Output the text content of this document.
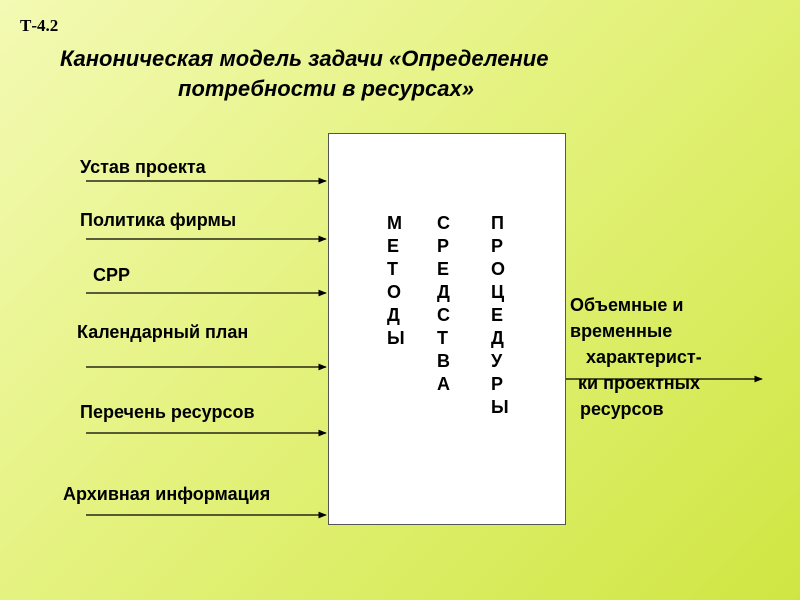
Т-4.2
Каноническая модель задачи «Определение
потребности в ресурсах»
Устав проекта
Политика фирмы
СРР
Календарный план
Перечень ресурсов
Архивная информация
М
Е
Т
О
Д
Ы
С
Р
Е
Д
С
Т
В
А
П
Р
О
Ц
Е
Д
У
Р
Ы
Объемные и
временные
характерист-
ки проектных
ресурсов
